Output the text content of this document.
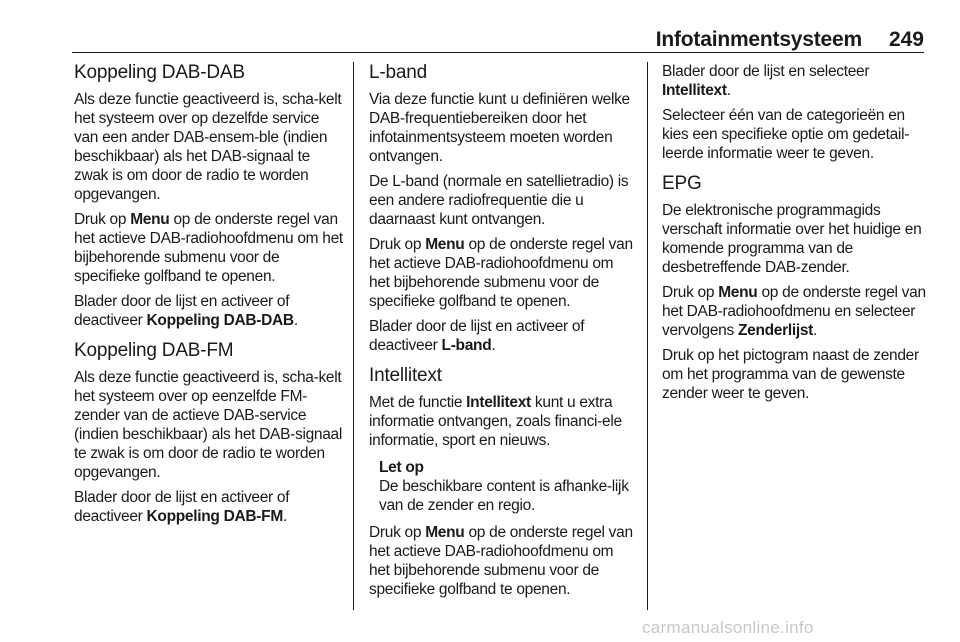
Infotainmentsysteem 249
Koppeling DAB-DAB

Als deze functie geactiveerd is, scha-kelt het systeem over op dezelfde service van een ander DAB-ensem-ble (indien beschikbaar) als het DAB-signaal te zwak is om door de radio te worden opgevangen.

Druk op Menu op de onderste regel van het actieve DAB-radiohoofdmenu om het bijbehorende submenu voor de specifieke golfband te openen.

Blader door de lijst en activeer of deactiveer Koppeling DAB-DAB.

Koppeling DAB-FM

Als deze functie geactiveerd is, scha-kelt het systeem over op eenzelfde FM-zender van de actieve DAB-service (indien beschikbaar) als het DAB-signaal te zwak is om door de radio te worden opgevangen.

Blader door de lijst en activeer of deactiveer Koppeling DAB-FM.

L-band

Via deze functie kunt u definiëren welke DAB-frequentiebereiken door het infotainmentsysteem moeten worden ontvangen.

De L-band (normale en satellietradio) is een andere radiofrequentie die u daarnaast kunt ontvangen.

Druk op Menu op de onderste regel van het actieve DAB-radiohoofdmenu om het bijbehorende submenu voor de specifieke golfband te openen.

Blader door de lijst en activeer of deactiveer L-band.

Intellitext

Met de functie Intellitext kunt u extra informatie ontvangen, zoals financi-ele informatie, sport en nieuws.

Let op

De beschikbare content is afhanke-lijk van de zender en regio.

Druk op Menu op de onderste regel van het actieve DAB-radiohoofdmenu om het bijbehorende submenu voor de specifieke golfband te openen.

Blader door de lijst en selecteer Intellitext.

Selecteer één van de categorieën en kies een specifieke optie om gedetail-leerde informatie weer te geven.

EPG

De elektronische programmagids verschaft informatie over het huidige en komende programma van de desbetreffende DAB-zender.

Druk op Menu op de onderste regel van het DAB-radiohoofdmenu en selecteer vervolgens Zenderlijst.

Druk op het pictogram naast de zender om het programma van de gewenste zender weer te geven.

carmanualsonline.info
